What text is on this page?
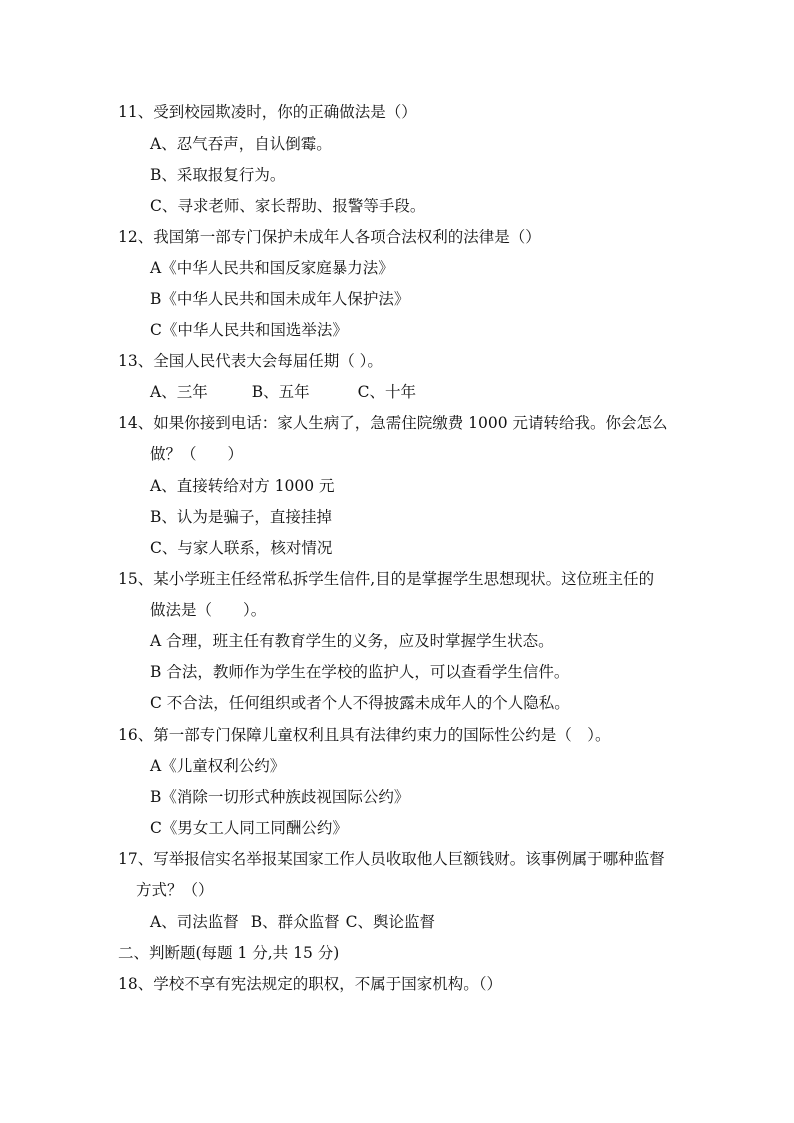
11、受到校园欺凌时，你的正确做法是（）
A、忍气吞声，自认倒霉。
B、采取报复行为。
C、寻求老师、家长帮助、报警等手段。
12、我国第一部专门保护未成年人各项合法权利的法律是（）
A《中华人民共和国反家庭暴力法》
B《中华人民共和国未成年人保护法》
C《中华人民共和国选举法》
13、全国人民代表大会每届任期（ ）。
A、三年	B、五年	C、十年
14、如果你接到电话：家人生病了，急需住院缴费 1000 元请转给我。你会怎么
做？（　　）
A、直接转给对方 1000 元
B、认为是骗子，直接挂掉
C、与家人联系，核对情况
15、某小学班主任经常私拆学生信件,目的是掌握学生思想现状。这位班主任的
做法是（　　）。
A 合理，班主任有教育学生的义务，应及时掌握学生状态。
B 合法，教师作为学生在学校的监护人，可以查看学生信件。
C 不合法，任何组织或者个人不得披露未成年人的个人隐私。
16、第一部专门保障儿童权利且具有法律约束力的国际性公约是（　）。
A《儿童权利公约》
B《消除一切形式种族歧视国际公约》
C《男女工人同工同酬公约》
17、写举报信实名举报某国家工作人员收取他人巨额钱财。该事例属于哪种监督
方式？（）
A、司法监督 B、群众监督 C、舆论监督
二、判断题(每题 1 分,共 15 分)
18、学校不享有宪法规定的职权，不属于国家机构。（）
